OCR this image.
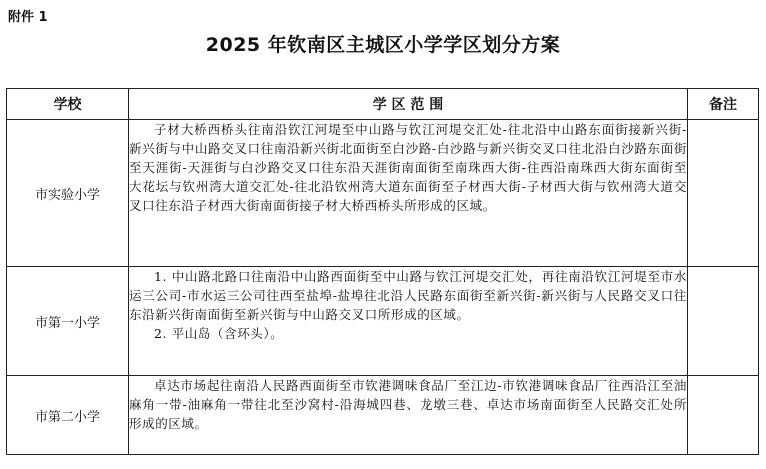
附件 1
2025 年钦南区主城区小学学区划分方案
学校	学 区 范 围	备注
市实验小学	子材大桥西桥头往南沿钦江河堤至中山路与钦江河堤交汇处-往北沿中山路东面街接新兴街-新兴街与中山路交叉口往南沿新兴街北面街至白沙路-白沙路与新兴街交叉口往北沿白沙路东面街至天涯街-天涯街与白沙路交叉口往东沿天涯街南面街至南珠西大街-往西沿南珠西大街东面街至大花坛与钦州湾大道交汇处-往北沿钦州湾大道东面街至子材西大街-子材西大街与钦州湾大道交叉口往东沿子材西大街南面街接子材大桥西桥头所形成的区域。	

市第一小学	1. 中山路北路口往南沿中山路西面街至中山路与钦江河堤交汇处，再往南沿钦江河堤至市水运三公司-市水运三公司往西至盐埠-盐埠往北沿人民路东面街至新兴街-新兴街与人民路交叉口往东沿新兴街南面街至新兴街与中山路交叉口所形成的区域。

2. 平山岛（含环头）。	

市第二小学	卓达市场起往南沿人民路西面街至市钦港调味食品厂至江边-市钦港调味食品厂往西沿江至油麻角一带-油麻角一带往北至沙窝村-沿海城四巷、龙墩三巷、卓达市场南面街至人民路交汇处所形成的区域。	
